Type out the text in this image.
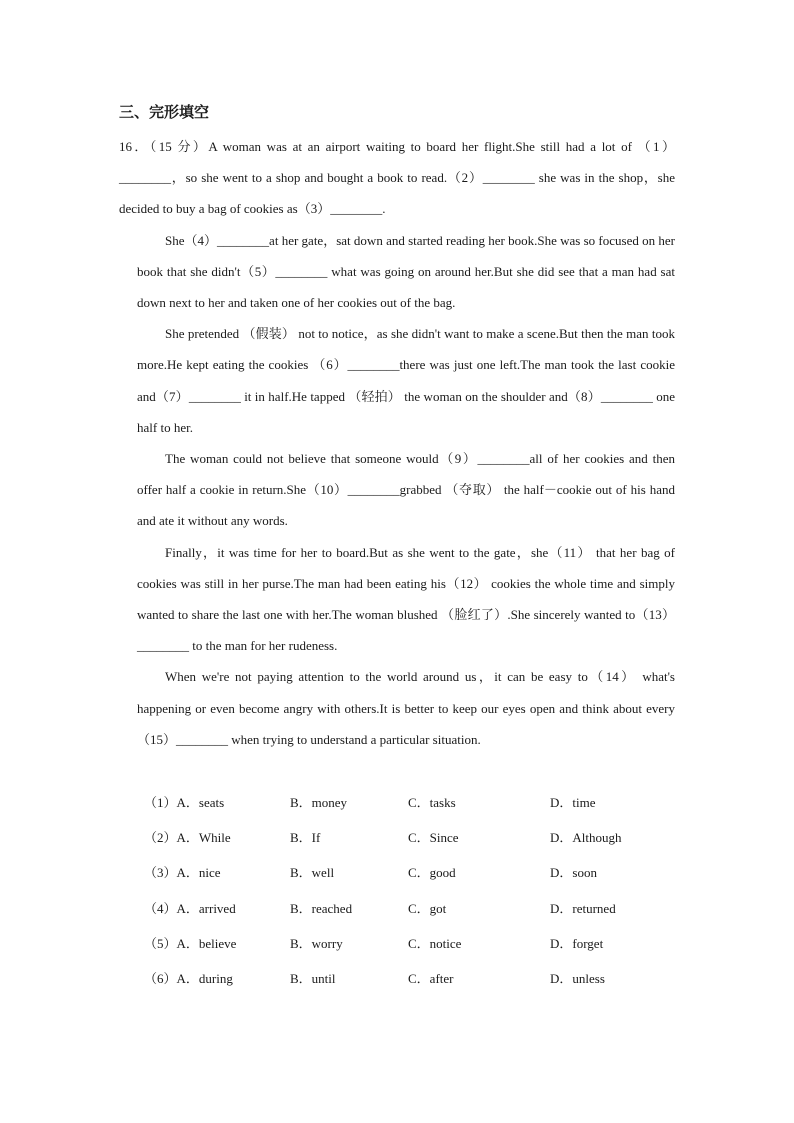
三、完形填空

16．（15 分）A woman was at an airport waiting to board her flight.She still had a lot of （1）________，so she went to a shop and bought a book to read.（2）________ she was in the shop，she decided to buy a bag of cookies as（3）________.

She（4）________at her gate，sat down and started reading her book.She was so focused on her book that she didn't（5）________ what was going on around her.But she did see that a man had sat down next to her and taken one of her cookies out of the bag.

She pretended （假装） not to notice，as she didn't want to make a scene.But then the man took more.He kept eating the cookies （6）________there was just one left.The man took the last cookie and（7）________ it in half.He tapped （轻拍） the woman on the shoulder and（8）________ one half to her.

The woman could not believe that someone would（9）________all of her cookies and then offer half a cookie in return.She（10）________grabbed （夺取） the half－cookie out of his hand and ate it without any words.

Finally，it was time for her to board.But as she went to the gate，she（11） that her bag of cookies was still in her purse.The man had been eating his（12） cookies the whole time and simply wanted to share the last one with her.The woman blushed （脸红了）.She sincerely wanted to（13）________ to the man for her rudeness.

When we're not paying attention to the world around us，it can be easy to（14） what's happening or even become angry with others.It is better to keep our eyes open and think about every（15）________ when trying to understand a particular situation.

（1）A．seats	B．money	C．tasks	D．time
（2）A．While	B．If	C．Since	D．Although
（3）A．nice	B．well	C．good	D．soon
（4）A．arrived	B．reached	C．got	D．returned
（5）A．believe	B．worry	C．notice	D．forget
（6）A．during	B．until	C．after	D．unless
